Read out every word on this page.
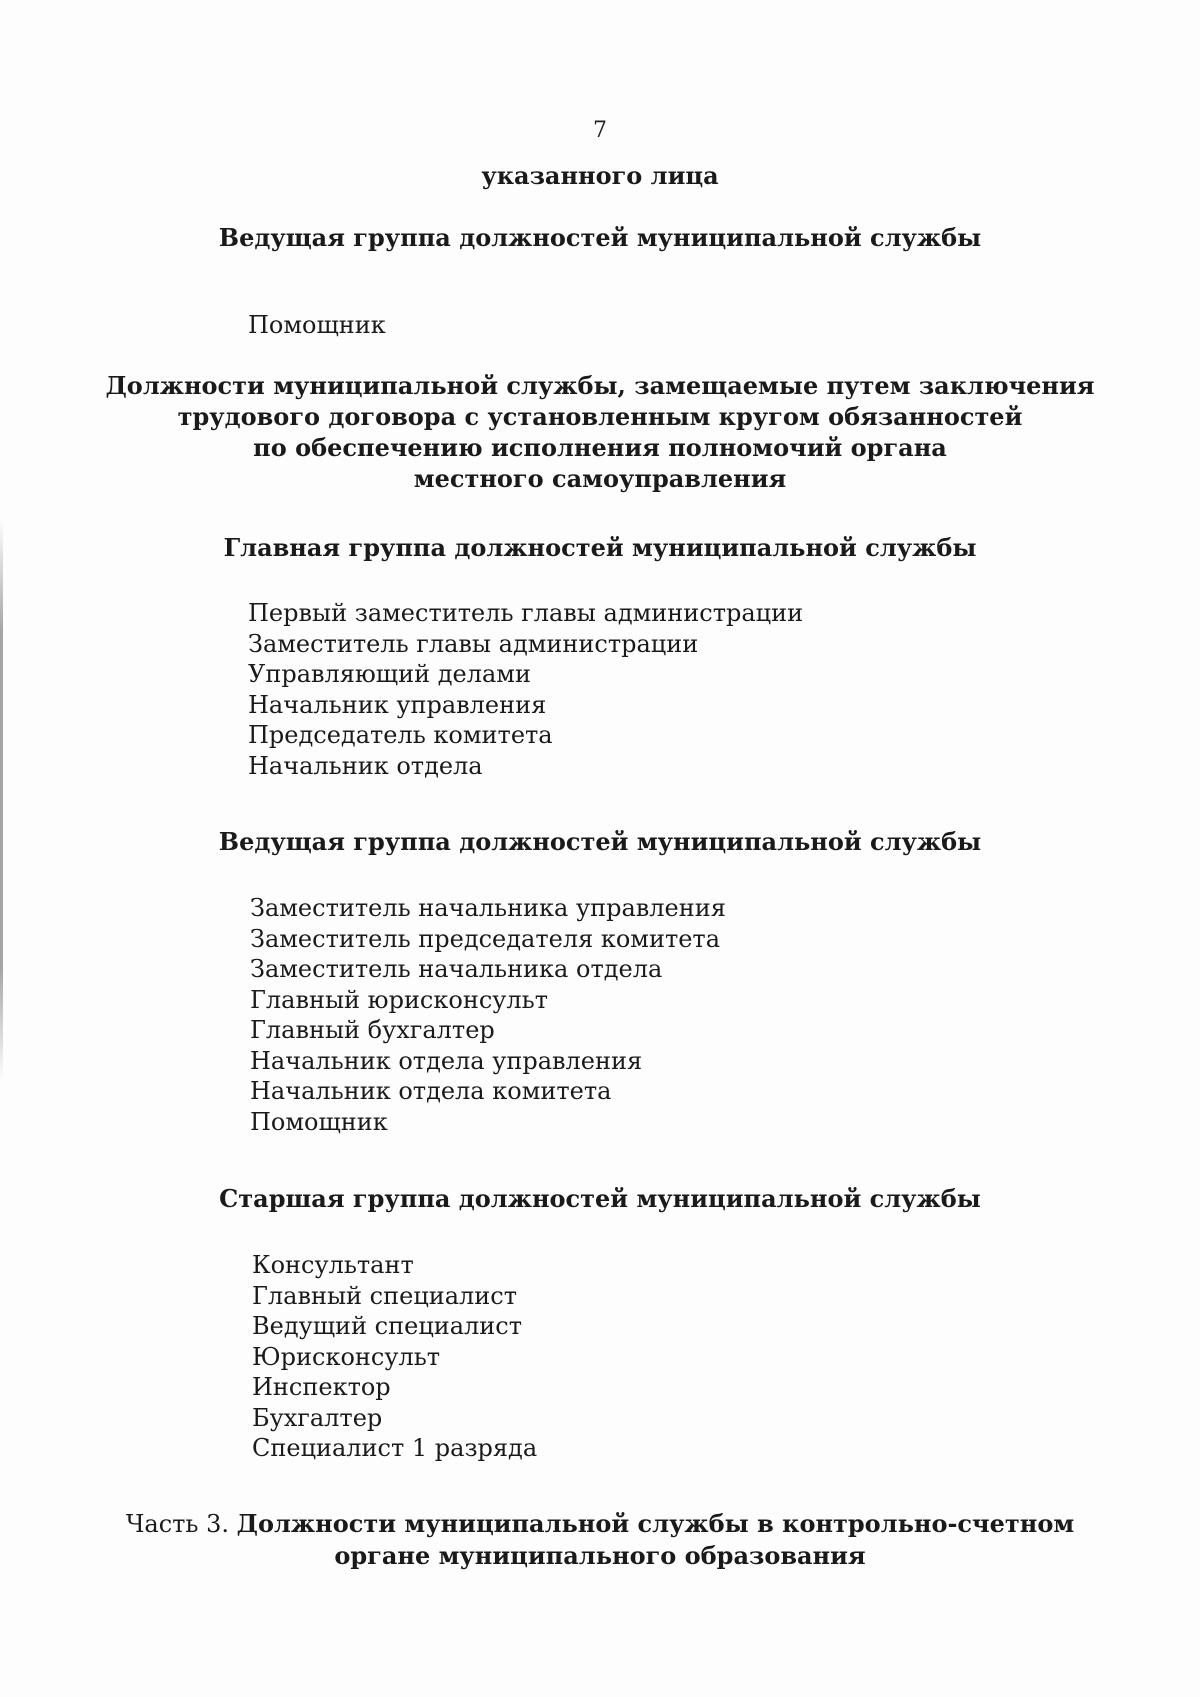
7
указанного лица
Ведущая группа должностей муниципальной службы
Помощник
Должности муниципальной службы, замещаемые путем заключения
трудового договора с установленным кругом обязанностей
по обеспечению исполнения полномочий органа
местного самоуправления
Главная группа должностей муниципальной службы
Первый заместитель главы администрации
Заместитель главы администрации
Управляющий делами
Начальник управления
Председатель комитета
Начальник отдела
Ведущая группа должностей муниципальной службы
Заместитель начальника управления
Заместитель председателя комитета
Заместитель начальника отдела
Главный юрисконсульт
Главный бухгалтер
Начальник отдела управления
Начальник отдела комитета
Помощник
Старшая группа должностей муниципальной службы
Консультант
Главный специалист
Ведущий специалист
Юрисконсульт
Инспектор
Бухгалтер
Специалист 1 разряда
Часть 3. Должности муниципальной службы в контрольно-счетном
органе муниципального образования
